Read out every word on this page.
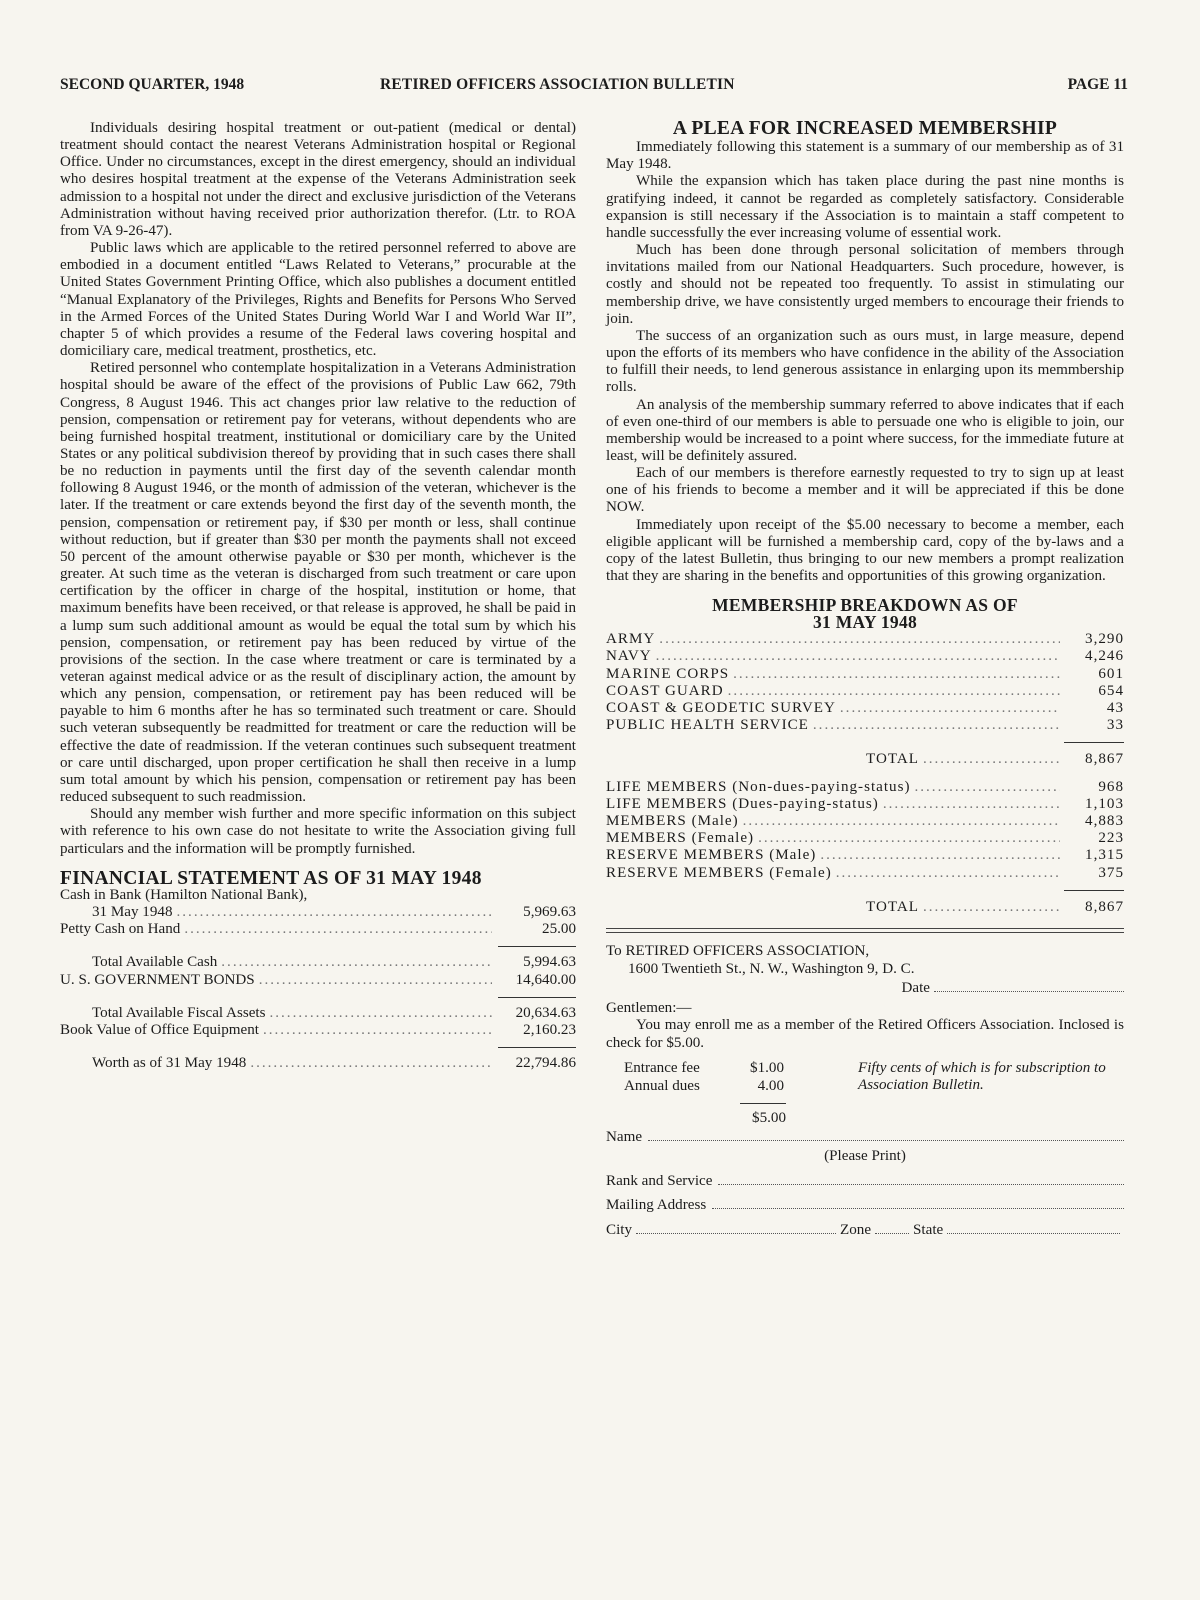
SECOND QUARTER, 1948	RETIRED OFFICERS ASSOCIATION BULLETIN	PAGE 11

Individuals desiring hospital treatment or out-patient (medical or dental) treatment should contact the nearest Veterans Administration hospital or Regional Office. Under no circumstances, except in the direst emergency, should an individual who desires hospital treatment at the expense of the Veterans Administration seek admission to a hospital not under the direct and exclusive jurisdiction of the Veterans Administration without having received prior authorization therefor. (Ltr. to ROA from VA 9-26-47).

Public laws which are applicable to the retired personnel referred to above are embodied in a document entitled “Laws Related to Veterans,” procurable at the United States Government Printing Office, which also publishes a document entitled “Manual Explanatory of the Privileges, Rights and Benefits for Persons Who Served in the Armed Forces of the United States During World War I and World War II”, chapter 5 of which provides a resume of the Federal laws covering hospital and domiciliary care, medical treatment, prosthetics, etc.

Retired personnel who contemplate hospitalization in a Veterans Administration hospital should be aware of the effect of the provisions of Public Law 662, 79th Congress, 8 August 1946. This act changes prior law relative to the reduction of pension, compensation or retirement pay for veterans, without dependents who are being furnished hospital treatment, institutional or domiciliary care by the United States or any political subdivision thereof by providing that in such cases there shall be no reduction in payments until the first day of the seventh calendar month following 8 August 1946, or the month of admission of the veteran, whichever is the later. If the treatment or care extends beyond the first day of the seventh month, the pension, compensation or retirement pay, if $30 per month or less, shall continue without reduction, but if greater than $30 per month the payments shall not exceed 50 percent of the amount otherwise payable or $30 per month, whichever is the greater. At such time as the veteran is discharged from such treatment or care upon certification by the officer in charge of the hospital, institution or home, that maximum benefits have been received, or that release is approved, he shall be paid in a lump sum such additional amount as would be equal the total sum by which his pension, compensation, or retirement pay has been reduced by virtue of the provisions of the section. In the case where treatment or care is terminated by a veteran against medical advice or as the result of disciplinary action, the amount by which any pension, compensation, or retirement pay has been reduced will be payable to him 6 months after he has so terminated such treatment or care. Should such veteran subsequently be readmitted for treatment or care the reduction will be effective the date of readmission. If the veteran continues such subsequent treatment or care until discharged, upon proper certification he shall then receive in a lump sum total amount by which his pension, compensation or retirement pay has been reduced subsequent to such readmission.

Should any member wish further and more specific information on this subject with reference to his own case do not hesitate to write the Association giving full particulars and the information will be promptly furnished.

FINANCIAL STATEMENT AS OF 31 MAY 1948
Cash in Bank (Hamilton National Bank),
31 May 1948 .....	5,969.63
Petty Cash on Hand .....	25.00
Total Available Cash .....	5,994.63
U. S. GOVERNMENT BONDS .....	14,640.00
Total Available Fiscal Assets .....	20,634.63
Book Value of Office Equipment .....	2,160.23
Worth as of 31 May 1948 .....	22,794.86
A PLEA FOR INCREASED MEMBERSHIP

Immediately following this statement is a summary of our membership as of 31 May 1948.

While the expansion which has taken place during the past nine months is gratifying indeed, it cannot be regarded as completely satisfactory. Considerable expansion is still necessary if the Association is to maintain a staff competent to handle successfully the ever increasing volume of essential work.

Much has been done through personal solicitation of members through invitations mailed from our National Headquarters. Such procedure, however, is costly and should not be repeated too frequently. To assist in stimulating our membership drive, we have consistently urged members to encourage their friends to join.

The success of an organization such as ours must, in large measure, depend upon the efforts of its members who have confidence in the ability of the Association to fulfill their needs, to lend generous assistance in enlarging upon its memmbership rolls.

An analysis of the membership summary referred to above indicates that if each of even one-third of our members is able to persuade one who is eligible to join, our membership would be increased to a point where success, for the immediate future at least, will be definitely assured.

Each of our members is therefore earnestly requested to try to sign up at least one of his friends to become a member and it will be appreciated if this be done NOW.

Immediately upon receipt of the $5.00 necessary to become a member, each eligible applicant will be furnished a membership card, copy of the by-laws and a copy of the latest Bulletin, thus bringing to our new members a prompt realization that they are sharing in the benefits and opportunities of this growing organization.

MEMBERSHIP BREAKDOWN AS OF
31 MAY 1948
ARMY .....	3,290
NAVY .....	4,246
MARINE CORPS .....	601
COAST GUARD .....	654
COAST & GEODETIC SURVEY .....	43
PUBLIC HEALTH SERVICE .....	33
TOTAL .....	8,867
LIFE MEMBERS (Non-dues-paying-status) .....	968
LIFE MEMBERS (Dues-paying-status) .....	1,103
MEMBERS (Male) .....	4,883
MEMBERS (Female) .....	223
RESERVE MEMBERS (Male) .....	1,315
RESERVE MEMBERS (Female) .....	375
TOTAL .....	8,867
To RETIRED OFFICERS ASSOCIATION,
1600 Twentieth St., N. W., Washington 9, D. C.
Date
Gentlemen:—

You may enroll me as a member of the Retired Officers Association. Inclosed is check for $5.00.

Entrance fee	$1.00
Annual dues	4.00
$5.00
Fifty cents of which is for subscription to Association Bulletin.
Name
(Please Print)
Rank and Service
Mailing Address
City	Zone	State
